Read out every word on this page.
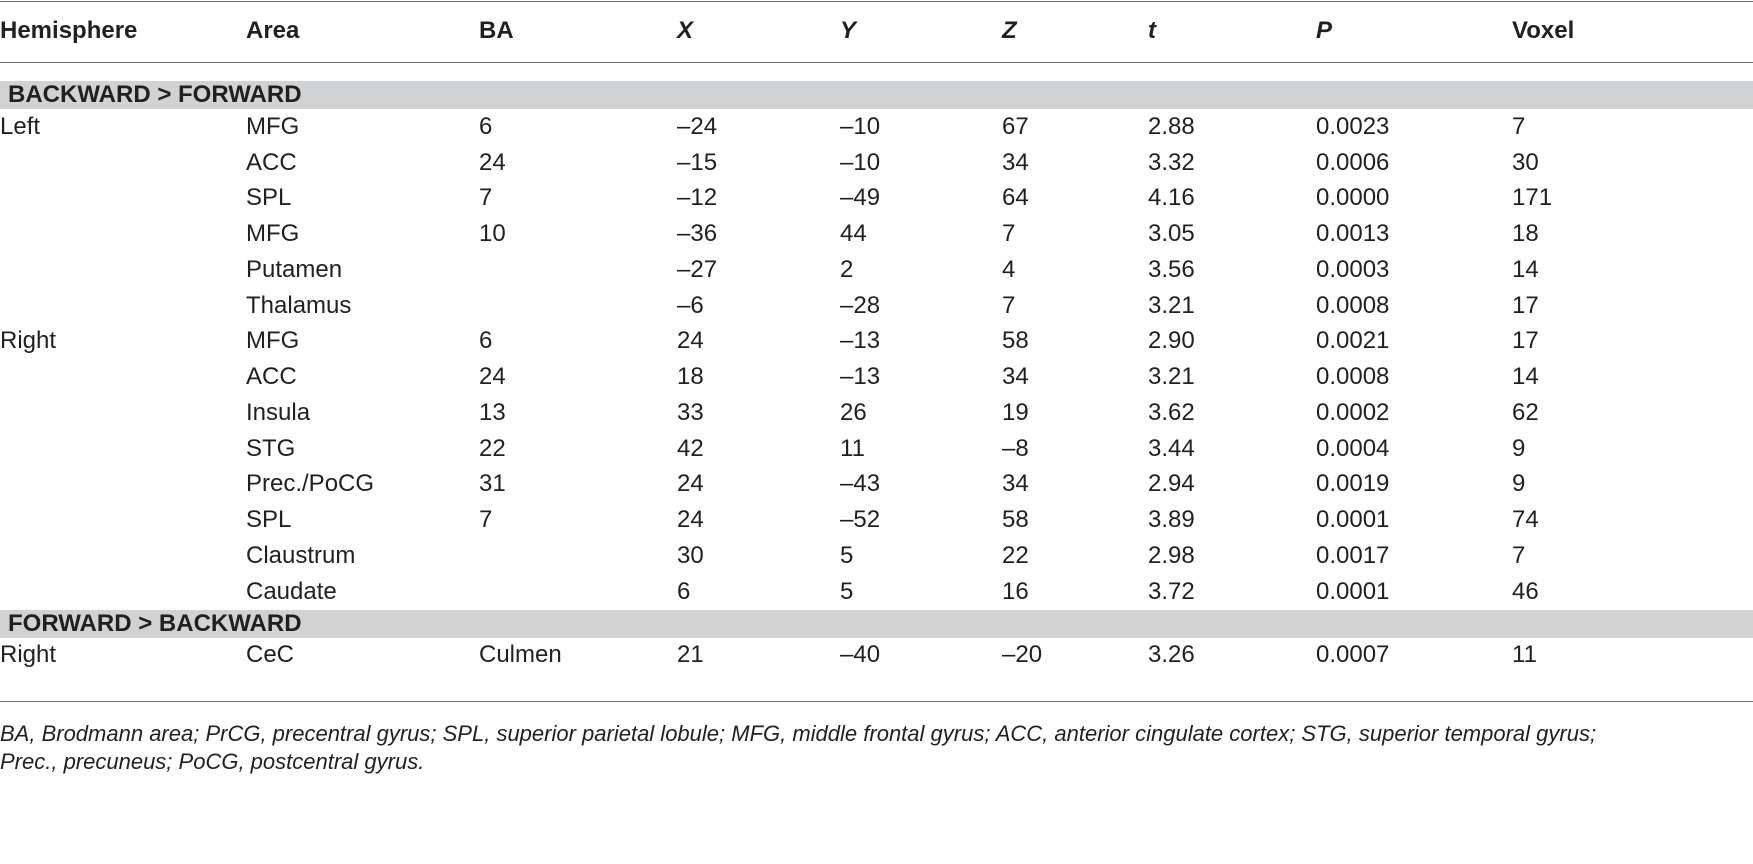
Hemisphere	Area	BA	X	Y	Z	t	P	Voxel

BACKWARD > FORWARD								
Left	MFG	6	–24	–10	67	2.88	0.0023	7
	ACC	24	–15	–10	34	3.32	0.0006	30
	SPL	7	–12	–49	64	4.16	0.0000	171
	MFG	10	–36	44	7	3.05	0.0013	18
	Putamen		–27	2	4	3.56	0.0003	14
	Thalamus		–6	–28	7	3.21	0.0008	17
Right	MFG	6	24	–13	58	2.90	0.0021	17
	ACC	24	18	–13	34	3.21	0.0008	14
	Insula	13	33	26	19	3.62	0.0002	62
	STG	22	42	11	–8	3.44	0.0004	9
	Prec./PoCG	31	24	–43	34	2.94	0.0019	9
	SPL	7	24	–52	58	3.89	0.0001	74
	Claustrum		30	5	22	2.98	0.0017	7
	Caudate		6	5	16	3.72	0.0001	46
FORWARD > BACKWARD								
Right	CeC	Culmen	21	–40	–20	3.26	0.0007	11
BA, Brodmann area; PrCG, precentral gyrus; SPL, superior parietal lobule; MFG, middle frontal gyrus; ACC, anterior cingulate cortex; STG, superior temporal gyrus;
Prec., precuneus; PoCG, postcentral gyrus.
